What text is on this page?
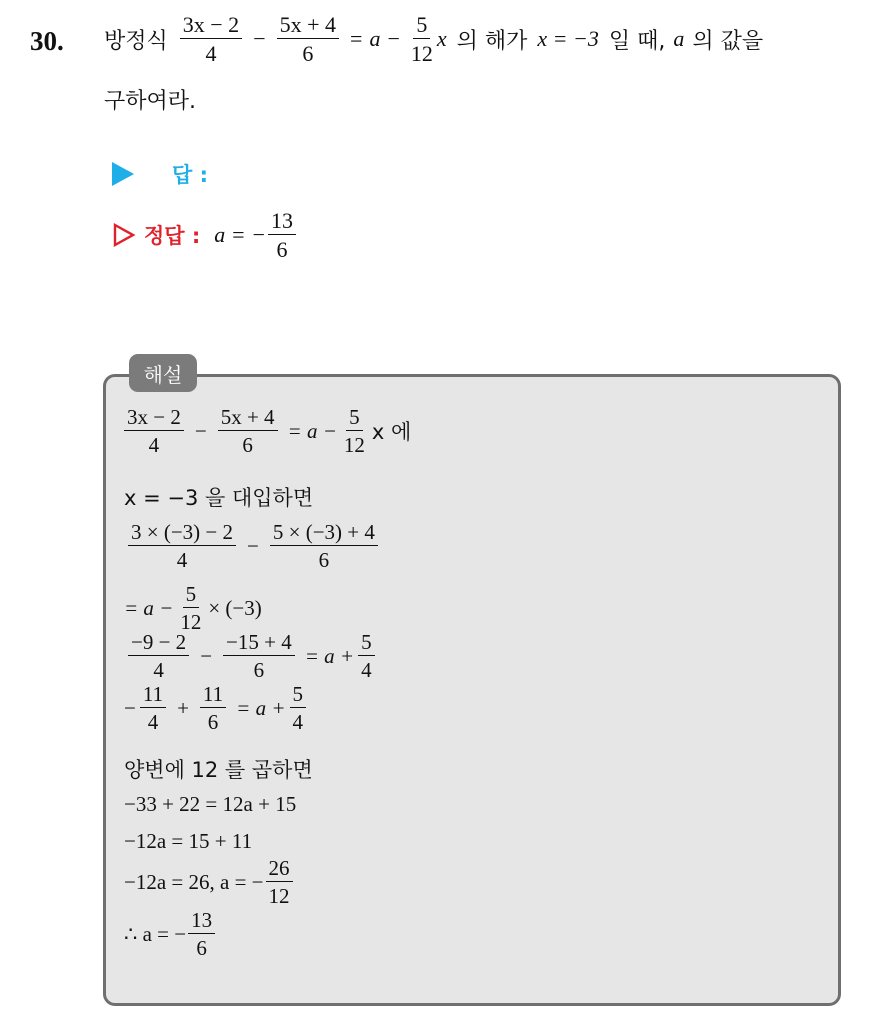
30. 방정식 $\frac{3x - 2}{4} - \frac{5x + 4}{6} = a - \frac{5}{12}$ x 의 해가 x = −3 일 때, a 의 값을
구하여라.
답 :
정답 : a = − $\frac{13}{6}$
해설
$\frac{3x - 2}{4} - \frac{5x + 4}{6} = a - \frac{5}{12}$ x 에
x = −3 을 대입하면
$\frac{3 \times (-3) - 2}{4} - \frac{5 \times (-3) + 4}{6}$
= $a - \frac{5}{12} \times (-3)$
$\frac{-9 - 2}{4} - \frac{-15 + 4}{6} = a + \frac{5}{4}$
− $\frac{11}{4} + \frac{11}{6} = a + \frac{5}{4}$
양변에 12 를 곱하면
−33 + 22 = 12a + 15
−12a = 15 + 11
−12a = 26, a = − $\frac{26}{12}$
∴ a = − $\frac{13}{6}$
